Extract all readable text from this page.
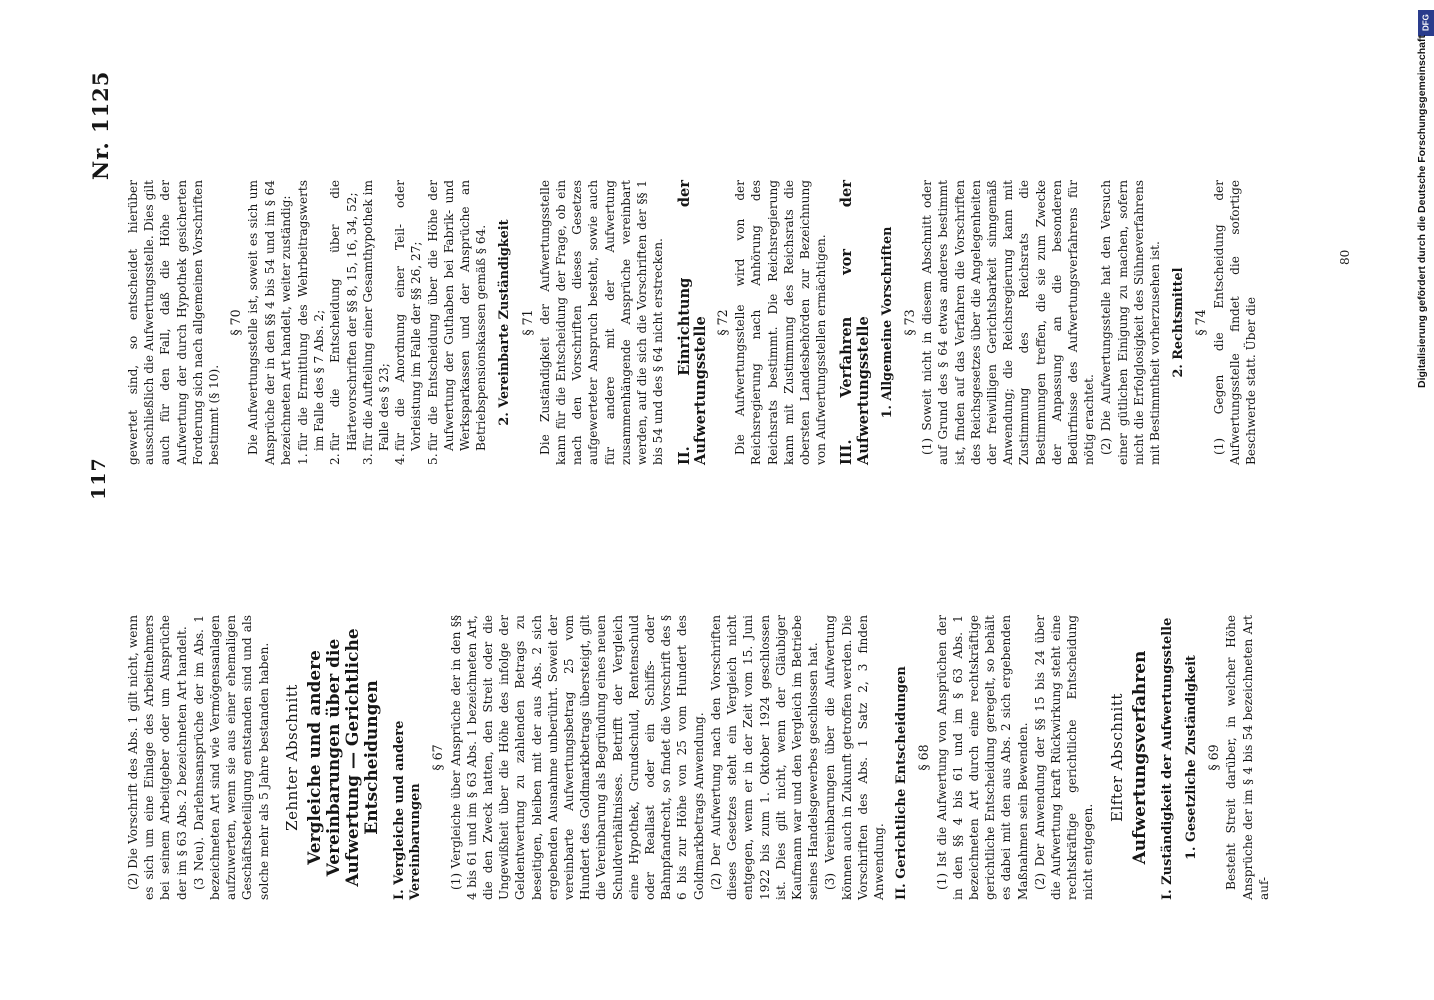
117
Nr. 1125

(2) Die Vorschrift des Abs. 1 gilt nicht, wenn es sich um eine Einlage des Arbeitnehmers bei seinem Arbeitgeber oder um Ansprüche der im § 63 Abs. 2 bezeichneten Art handelt. (3 Neu). Darlehnsansprüche der im Abs. 1 bezeichneten Art sind wie Vermögensanlagen aufzuwerten, wenn sie aus einer ehemaligen Geschäftsbeteiligung entstanden sind und als solche mehr als 5 Jahre bestanden haben. Zehnter Abschnitt Vergleiche und andere Vereinbarungen über die Aufwertung — Gerichtliche Entscheidungen I. Vergleiche und andere Vereinbarungen
§ 67 (1) Vergleiche über Ansprüche der in den §§ 4 bis 61 und im § 63 Abs. 1 bezeichneten Art, die den Zweck hatten, den Streit oder die Ungewißheit über die Höhe des infolge der Geldentwertung zu zahlenden Betrags zu beseitigen, bleiben mit der aus Abs. 2 sich ergebenden Ausnahme unberührt. Soweit der vereinbarte Aufwertungsbetrag 25 vom Hundert des Goldmarkbetrags übersteigt, gilt die Vereinbarung als Begründung eines neuen Schuldverhältnisses. Betrifft der Vergleich eine Hypothek, Grundschuld, Rentenschuld oder Reallast oder ein Schiffs- oder Bahnpfandrecht, so findet die Vorschrift des § 6 bis zur Höhe von 25 vom Hundert des Goldmarkbetrags Anwendung. (2) Der Aufwertung nach den Vorschriften dieses Gesetzes steht ein Vergleich nicht entgegen, wenn er in der Zeit vom 15. Juni 1922 bis zum 1. Oktober 1924 geschlossen ist. Dies gilt nicht, wenn der Gläubiger Kaufmann war und den Vergleich im Betriebe seines Handelsgewerbes geschlossen hat. (3) Vereinbarungen über die Aufwertung können auch in Zukunft getroffen werden. Die Vorschriften des Abs. 1 Satz 2, 3 finden Anwendung. II. Gerichtliche Entscheidungen § 68 (1) Ist die Aufwertung von Ansprüchen der in den §§ 4 bis 61 und im § 63 Abs. 1 bezeichneten Art durch eine rechtskräftige gerichtliche Entscheidung geregelt, so behält es dabei mit den aus Abs. 2 sich ergebenden Maßnahmen sein Bewenden. (2) Der Anwendung der §§ 15 bis 24 über die Aufwertung kraft Rückwirkung steht eine rechtskräftige gerichtliche Entscheidung nicht entgegen.

Elfter Abschnitt Aufwertungsverfahren I. Zuständigkeit der Aufwertungsstelle 1. Gesetzliche Zuständigkeit § 69 Besteht Streit darüber, in welcher Höhe Ansprüche der im § 4 bis 54 bezeichneten Art auf-

gewertet sind, so entscheidet hierüber ausschließlich die Aufwertungsstelle. Dies gilt auch für den Fall, daß die Höhe der Aufwertung der durch Hypothek gesicherten Forderung sich nach allgemeinen Vorschriften bestimmt (§ 10).

§ 70 Die Aufwertungsstelle ist, soweit es sich um Ansprüche der in den §§ 4 bis 54 und im § 64 bezeichneten Art handelt, weiter zuständig: 1.
für die Ermittlung des Wehrbeitragswerts im Falle des § 7 Abs. 2;
2.
für die Entscheidung über die Härtevorschriften der §§ 8, 15, 16, 34, 52;
3.
für die Aufteilung einer Gesamthypothek im Falle des § 23;
4.
für die Anordnung einer Teil- oder Vorleistung im Falle der §§ 26, 27;
5.
für die Entscheidung über die Höhe der Aufwertung der Guthaben bei Fabrik- und Werksparkassen und der Ansprüche an Betriebspensionskassen gemäß § 64. 2. Vereinbarte Zuständigkeit § 71 Die Zuständigkeit der Aufwertungsstelle kann für die Entscheidung der Frage, ob ein nach den Vorschriften dieses Gesetzes aufgewerteter Anspruch besteht, sowie auch für andere mit der Aufwertung zusammenhängende Ansprüche vereinbart werden, auf die sich die Vorschriften der §§ 1 bis 54 und des § 64 nicht erstrecken. II. Einrichtung der Aufwertungsstelle § 72 Die Aufwertungsstelle wird von der Reichsregierung nach Anhörung des Reichsrats bestimmt. Die Reichsregierung kann mit Zustimmung des Reichsrats die obersten Landesbehörden zur Bezeichnung von Aufwertungsstellen ermächtigen. III. Verfahren vor der Aufwertungsstelle 1. Allgemeine Vorschriften § 73 (1) Soweit nicht in diesem Abschnitt oder auf Grund des § 64 etwas anderes bestimmt ist, finden auf das Verfahren die Vorschriften des Reichsgesetzes über die Angelegenheiten der freiwilligen Gerichtsbarkeit sinngemäß Anwendung; die Reichsregierung kann mit Zustimmung des Reichsrats die Bestimmungen treffen, die sie zum Zwecke der Anpassung an die besonderen Bedürfnisse des Aufwertungsverfahrens für nötig erachtet. (2) Die Aufwertungsstelle hat den Versuch einer gütlichen Einigung zu machen, sofern nicht die Erfolglosigkeit des Sühneverfahrens mit Bestimmtheit vorherzusehen ist. 2. Rechtsmittel § 74 (1) Gegen die Entscheidung der Aufwertungsstelle findet die sofortige Beschwerde statt. Über die

80
DFG
Digitalisierung gefördert durch die Deutsche Forschungsgemeinschaft
